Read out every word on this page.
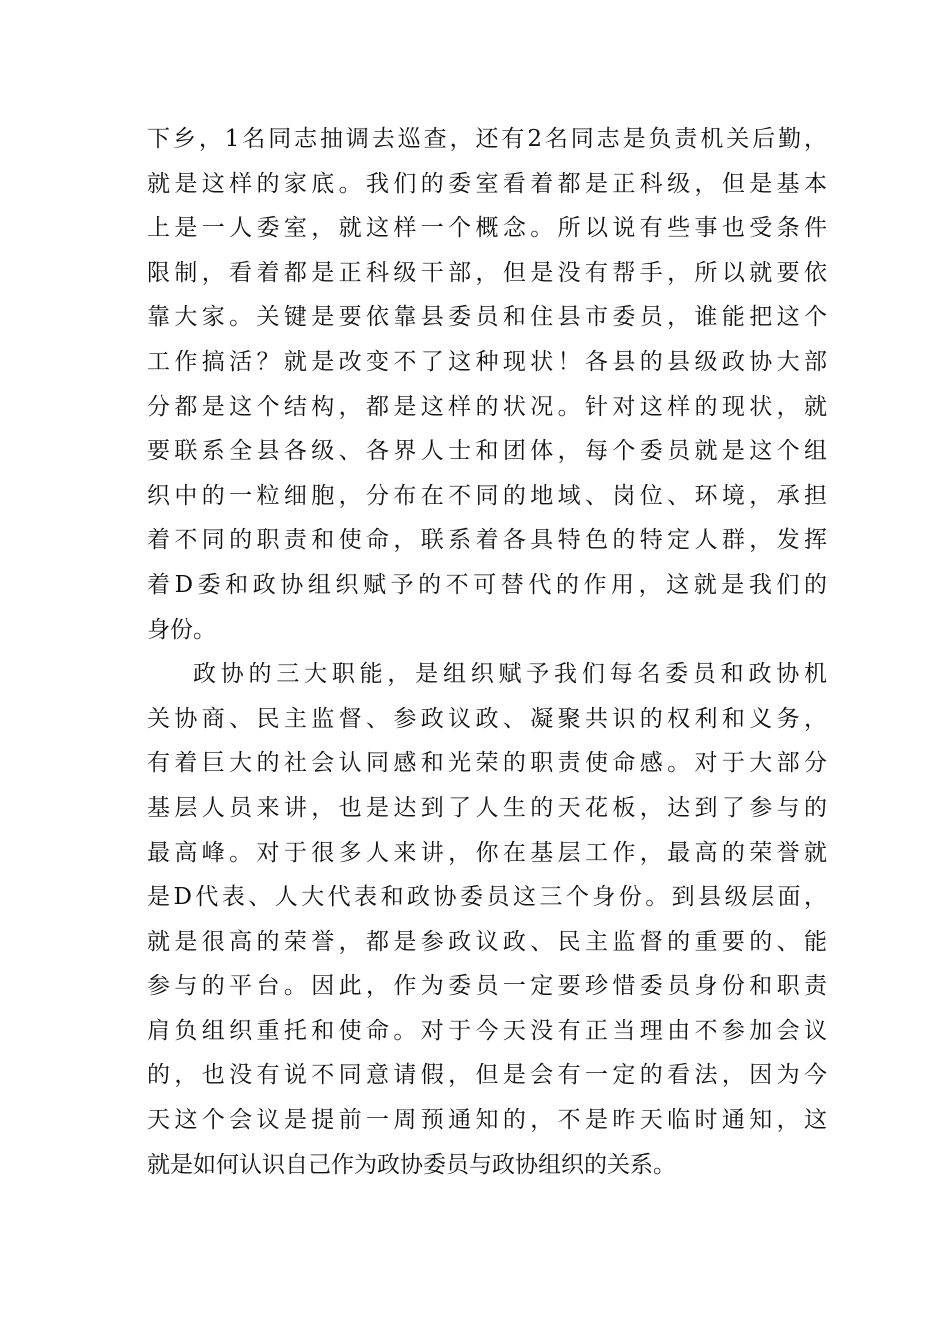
下乡，1名同志抽调去巡查，还有2名同志是负责机关后勤，
就是这样的家底。我们的委室看着都是正科级，但是基本
上是一人委室，就这样一个概念。所以说有些事也受条件
限制，看着都是正科级干部，但是没有帮手，所以就要依
靠大家。关键是要依靠县委员和住县市委员，谁能把这个
工作搞活？就是改变不了这种现状！各县的县级政协大部
分都是这个结构，都是这样的状况。针对这样的现状，就
要联系全县各级、各界人士和团体，每个委员就是这个组
织中的一粒细胞，分布在不同的地域、岗位、环境，承担
着不同的职责和使命，联系着各具特色的特定人群，发挥
着D委和政协组织赋予的不可替代的作用，这就是我们的
身份。
政协的三大职能，是组织赋予我们每名委员和政协机
关协商、民主监督、参政议政、凝聚共识的权利和义务，
有着巨大的社会认同感和光荣的职责使命感。对于大部分
基层人员来讲，也是达到了人生的天花板，达到了参与的
最高峰。对于很多人来讲，你在基层工作，最高的荣誉就
是D代表、人大代表和政协委员这三个身份。到县级层面，
就是很高的荣誉，都是参政议政、民主监督的重要的、能
参与的平台。因此，作为委员一定要珍惜委员身份和职责
肩负组织重托和使命。对于今天没有正当理由不参加会议
的，也没有说不同意请假，但是会有一定的看法，因为今
天这个会议是提前一周预通知的，不是昨天临时通知，这
就是如何认识自己作为政协委员与政协组织的关系。
